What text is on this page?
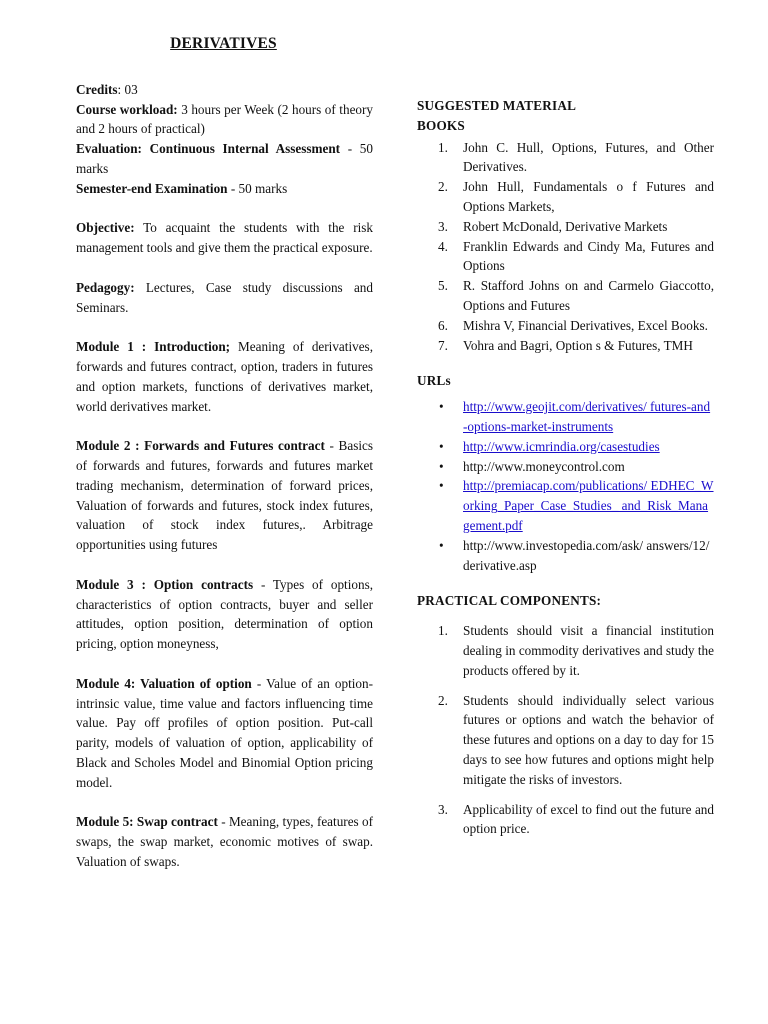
DERIVATIVES

Credits: 03

Course workload: 3 hours per Week (2 hours of theory and 2 hours of practical)

Evaluation: Continuous Internal Assessment - 50 marks

Semester-end Examination - 50 marks

Objective: To acquaint the students with the risk management tools and give them the practical exposure.

Pedagogy: Lectures, Case study discussions and Seminars.

Module 1 : Introduction; Meaning of derivatives, forwards and futures contract, option, traders in futures and option markets, functions of derivatives market, world derivatives market.

Module 2 : Forwards and Futures contract - Basics of forwards and futures, forwards and futures market trading mechanism, determination of forward prices, Valuation of forwards and futures, stock index futures, valuation of stock index futures,. Arbitrage opportunities using futures

Module 3 : Option contracts - Types of options, characteristics of option contracts, buyer and seller attitudes, option position, determination of option pricing, option moneyness,

Module 4: Valuation of option - Value of an option- intrinsic value, time value and factors influencing time value. Pay off profiles of option position. Put-call parity, models of valuation of option, applicability of Black and Scholes Model and Binomial Option pricing model.

Module 5: Swap contract - Meaning, types, features of swaps, the swap market, economic motives of swap. Valuation of swaps.

SUGGESTED MATERIAL

BOOKS

1.	John C. Hull, Options, Futures, and Other Derivatives.
2.	John Hull, Fundamentals o f Futures and Options Markets,
3.	Robert McDonald, Derivative Markets
4.	Franklin Edwards and Cindy Ma, Futures and Options
5.	R. Stafford Johns on and Carmelo Giaccotto, Options and Futures
6.	Mishra V, Financial Derivatives, Excel Books.
7.	Vohra and Bagri, Option s & Futures, TMH

URLs

• http://www.geojit.com/derivatives/ futures-and-options-market-instruments
• http://www.icmrindia.org/casestudies
• http://www.moneycontrol.com
• http://premiacap.com/publications/ EDHEC_Working_Paper_Case_Studies_ and_Risk_Management.pdf
• http://www.investopedia.com/ask/ answers/12/derivative.asp

PRACTICAL COMPONENTS:

1.	Students should visit a financial institution dealing in commodity derivatives and study the products offered by it.
2.	Students should individually select various futures or options and watch the behavior of these futures and options on a day to day for 15 days to see how futures and options might help mitigate the risks of investors.
3.	Applicability of excel to find out the future and option price.
